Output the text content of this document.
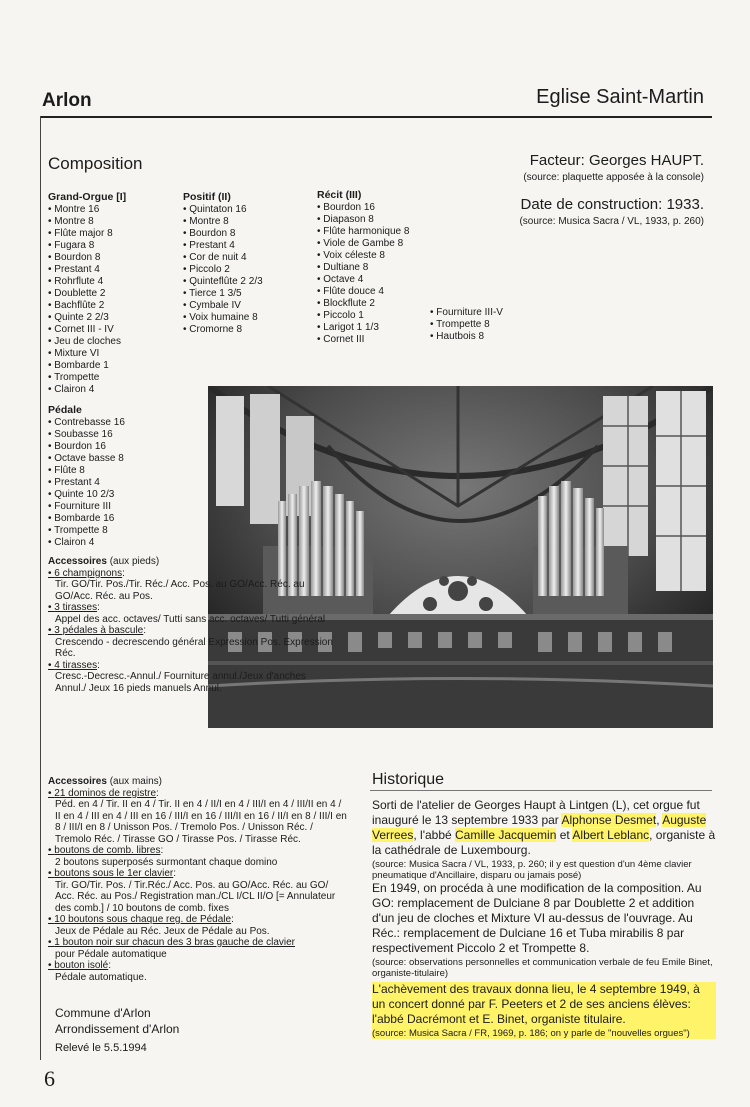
Arlon	Eglise Saint-Martin
Composition	Facteur: Georges HAUPT.
(source: plaquette apposée à la console)
Date de construction: 1933.
(source: Musica Sacra / VL, 1933, p. 260)
Grand-Orgue [I]
• Montre 16
• Montre 8
• Flûte major 8
• Fugara 8
• Bourdon 8
• Prestant 4
• Rohrflute 4
• Doublette 2
• Bachflûte 2
• Quinte 2 2/3
• Cornet III - IV
• Jeu de cloches
• Mixture VI
• Bombarde 1
• Trompette
• Clairon 4
Positif (II)
• Quintaton 16
• Montre 8
• Bourdon 8
• Prestant 4
• Cor de nuit 4
• Piccolo 2
• Quinteflûte 2 2/3
• Tierce 1 3/5
• Cymbale IV
• Voix humaine 8
• Cromorne 8
Récit (III)
• Bourdon 16
• Diapason 8
• Flûte harmonique 8
• Viole de Gambe 8
• Voix céleste 8
• Dultiane 8
• Octave 4
• Flûte douce 4
• Blockflute 2
• Piccolo 1
• Larigot 1 1/3
• Cornet III
• Fourniture III-V
• Trompette 8
• Hautbois 8
Pédale
• Contrebasse 16
• Soubasse 16
• Bourdon 16
• Octave basse 8
• Flûte 8
• Prestant 4
• Quinte 10 2/3
• Fourniture III
• Bombarde 16
• Trompette 8
• Clairon 4
Accessoires (aux pieds)
• 6 champignons:
Tir. GO/Tir. Pos./Tir. Réc./ Acc. Pos. au GO/Acc. Réc. au GO/Acc. Réc. au Pos.
• 3 tirasses:
Appel des acc. octaves/ Tutti sans acc. octaves/ Tutti général
• 3 pédales à bascule:
Crescendo - decrescendo général Expression Pos. Expression Réc.
• 4 tirasses:
Cresc.-Decresc.-Annul./ Fourniture annul./Jeux d'anches Annul./ Jeux 16 pieds manuels Annul.
Accessoires (aux mains)
• 21 dominos de registre:
Péd. en 4 / Tir. II en 4 / Tir. II en 4 / II/I en 4 / III/I en 4 / III/II en 4 / II en 4 / III en 4 / III en 16 / III/I en 16 / III/II en 16 / II/I en 8 / III/I en 8 / III/I en 8 / Unisson Pos. / Tremolo Pos. / Unisson Réc. / Tremolo Réc. / Tirasse GO / Tirasse Pos. / Tirasse Réc.
• boutons de comb. libres:
2 boutons superposés surmontant chaque domino
• boutons sous le 1er clavier:
Tir. GO/Tir. Pos. / Tir.Réc./ Acc. Pos. au GO/Acc. Réc. au GO/ Acc. Réc. au Pos./ Registration man./CL I/CL II/O [= Annulateur des comb.] / 10 boutons de comb. fixes
• 10 boutons sous chaque reg. de Pédale:
Jeux de Pédale au Réc. Jeux de Pédale au Pos.
• 1 bouton noir sur chacun des 3 bras gauche de clavier
pour Pédale automatique
• bouton isolé:
Pédale automatique.
Historique
Sorti de l'atelier de Georges Haupt à Lintgen (L), cet orgue fut inauguré le 13 septembre 1933 par Alphonse Desmet, Auguste Verrees, l'abbé Camille Jacquemin et Albert Leblanc, organiste à la cathédrale de Luxembourg.
(source: Musica Sacra / VL, 1933, p. 260; il y est question d'un 4ème clavier pneumatique d'Ancillaire, disparu ou jamais posé)
En 1949, on procéda à une modification de la composition. Au GO: remplacement de Dulciane 8 par Doublette 2 et addition d'un jeu de cloches et Mixture VI au-dessus de l'ouvrage. Au Réc.: remplacement de Dulciane 16 et Tuba mirabilis 8 par respectivement Piccolo 2 et Trompette 8.
(source: observations personnelles et communication verbale de feu Emile Binet, organiste-titulaire)
L'achèvement des travaux donna lieu, le 4 septembre 1949, à un concert donné par F. Peeters et 2 de ses anciens élèves: l'abbé Dacrémont et E. Binet, organiste titulaire.
(source: Musica Sacra / FR, 1969, p. 186; on y parle de "nouvelles orgues")
Commune d'Arlon
Arrondissement d'Arlon
Relevé le 5.5.1994
6
